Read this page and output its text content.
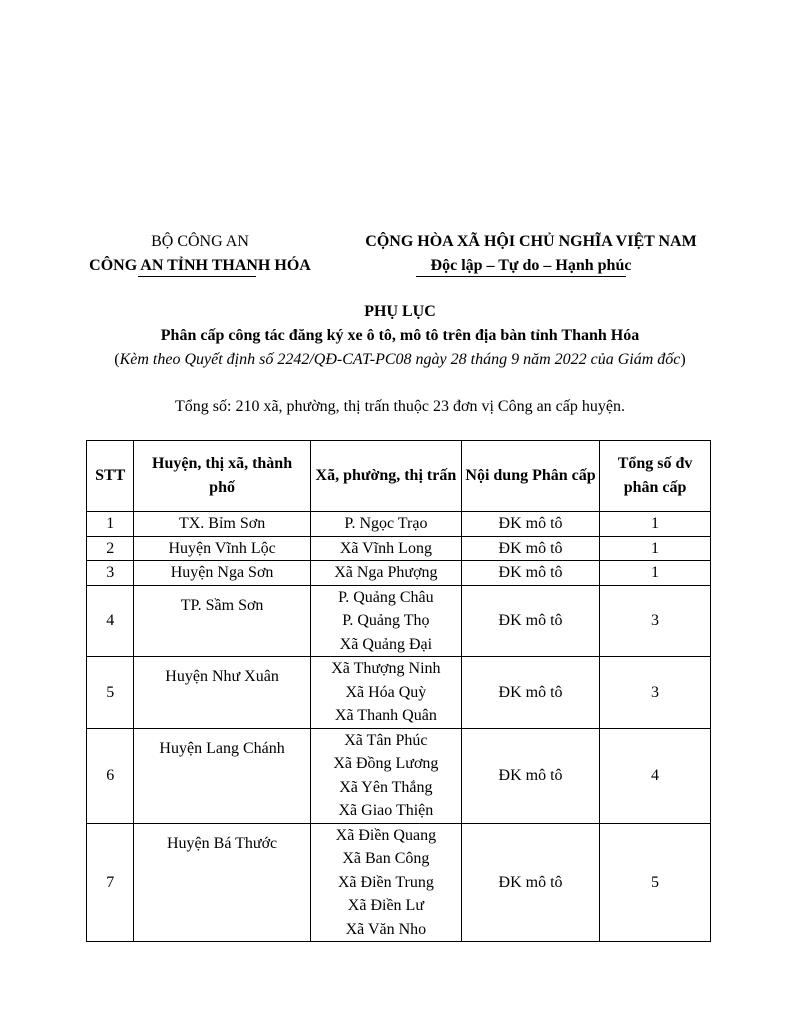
BỘ CÔNG AN
CÔNG AN TỈNH THANH HÓA
CỘNG HÒA XÃ HỘI CHỦ NGHĨA VIỆT NAM
Độc lập – Tự do – Hạnh phúc
PHỤ LỤC
Phân cấp công tác đăng ký xe ô tô, mô tô trên địa bàn tỉnh Thanh Hóa
(Kèm theo Quyết định số 2242/QĐ-CAT-PC08 ngày 28 tháng 9 năm 2022 của Giám đốc)
Tổng số: 210 xã, phường, thị trấn thuộc 23 đơn vị Công an cấp huyện.
STT	Huyện, thị xã, thành phố	Xã, phường, thị trấn	Nội dung Phân cấp	Tổng số đv phân cấp
1	TX. Bỉm Sơn	P. Ngọc Trạo	ĐK mô tô	1
2	Huyện Vĩnh Lộc	Xã Vĩnh Long	ĐK mô tô	1
3	Huyện Nga Sơn	Xã Nga Phượng	ĐK mô tô	1
4	TP. Sầm Sơn	P. Quảng Châu
P. Quảng Thọ
Xã Quảng Đại	ĐK mô tô	3
5	Huyện Như Xuân	Xã Thượng Ninh
Xã Hóa Quỳ
Xã Thanh Quân	ĐK mô tô	3
6	Huyện Lang Chánh	Xã Tân Phúc
Xã Đồng Lương
Xã Yên Thắng
Xã Giao Thiện	ĐK mô tô	4
7	Huyện Bá Thước	Xã Điền Quang
Xã Ban Công
Xã Điền Trung
Xã Điền Lư
Xã Văn Nho	ĐK mô tô	5
